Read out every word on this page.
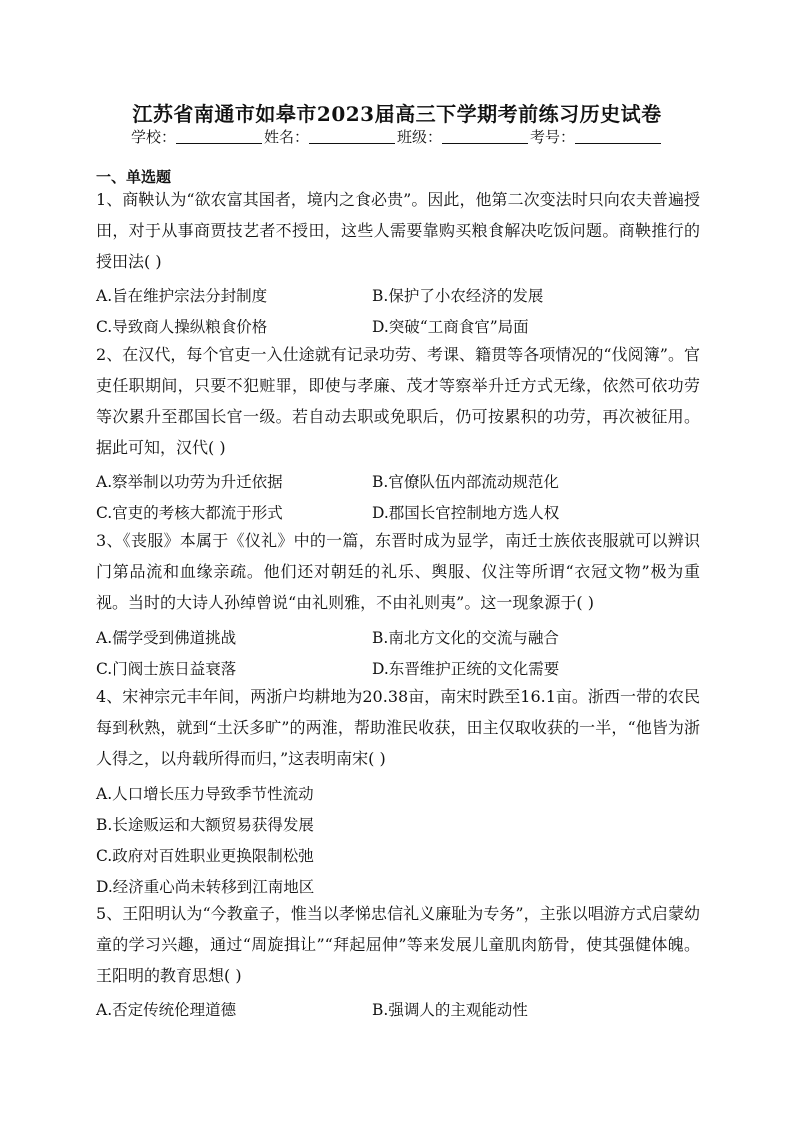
江苏省南通市如皋市2023届高三下学期考前练习历史试卷
学校：	姓名：	班级：	考号：
一、单选题
1、商鞅认为“欲农富其国者，境内之食必贵”。因此，他第二次变法时只向农夫普遍授田，对于从事商贾技艺者不授田，这些人需要靠购买粮食解决吃饭问题。商鞅推行的授田法( )
A.旨在维护宗法分封制度	B.保护了小农经济的发展
C.导致商人操纵粮食价格	D.突破“工商食官”局面
2、在汉代，每个官吏一入仕途就有记录功劳、考课、籍贯等各项情况的“伐阅簿”。官吏任职期间，只要不犯赃罪，即使与孝廉、茂才等察举升迁方式无缘，依然可依功劳等次累升至郡国长官一级。若自动去职或免职后，仍可按累积的功劳，再次被征用。据此可知，汉代( )
A.察举制以功劳为升迁依据	B.官僚队伍内部流动规范化
C.官吏的考核大都流于形式	D.郡国长官控制地方选人权
3、《丧服》本属于《仪礼》中的一篇，东晋时成为显学，南迁士族依丧服就可以辨识门第品流和血缘亲疏。他们还对朝廷的礼乐、舆服、仪注等所谓“衣冠文物”极为重视。当时的大诗人孙绰曾说“由礼则雅，不由礼则夷”。这一现象源于( )
A.儒学受到佛道挑战	B.南北方文化的交流与融合
C.门阀士族日益衰落	D.东晋维护正统的文化需要
4、宋神宗元丰年间，两浙户均耕地为20.38亩，南宋时跌至16.1亩。浙西一带的农民每到秋熟，就到“土沃多旷”的两淮，帮助淮民收获，田主仅取收获的一半，“他皆为浙人得之，以舟载所得而归，”这表明南宋( )
A.人口增长压力导致季节性流动
B.长途贩运和大额贸易获得发展
C.政府对百姓职业更换限制松弛
D.经济重心尚未转移到江南地区
5、王阳明认为“今教童子，惟当以孝悌忠信礼义廉耻为专务”，主张以唱游方式启蒙幼童的学习兴趣，通过“周旋揖让”“拜起屈伸”等来发展儿童肌肉筋骨，使其强健体魄。王阳明的教育思想( )
A.否定传统伦理道德	B.强调人的主观能动性
